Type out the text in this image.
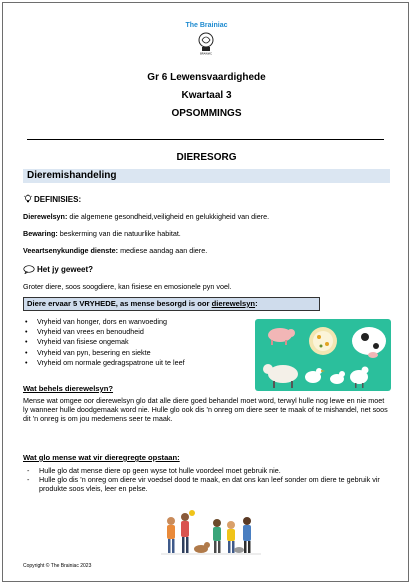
The Brainiac
BRAINIAC
Gr 6 Lewensvaardighede
Kwartaal 3
OPSOMMINGS
DIERESORG
Dieremishandeling
DEFINISIES:
Dierewelsyn: die algemene gesondheid,veiligheid en gelukkigheid van diere.
Bewaring: beskerming van die natuurlike habitat.
Veeartsenykundige dienste: mediese aandag aan diere.
Het jy geweet?
Groter diere, soos soogdiere, kan fisiese en emosionele pyn voel.
Diere ervaar 5 VRYHEDE, as mense besorgd is oor dierewelsyn:
• Vryheid van honger, dors en wanvoeding
• Vryheid van vrees en benoudheid
• Vryheid van fisiese ongemak
• Vryheid van pyn, besering en siekte
• Vryheid om normale gedragspatrone uit te leef
Wat behels dierewelsyn?
Mense wat omgee oor dierewelsyn glo dat alle diere goed behandel moet word, terwyl hulle nog lewe en nie moet ly wanneer hulle doodgemaak word nie. Hulle glo ook dis ’n onreg om diere seer te maak of te mishandel, net soos dit ’n onreg is om jou medemens seer te maak.
Wat glo mense wat vir dieregregte opstaan:
- Hulle glo dat mense diere op geen wyse tot hulle voordeel moet gebruik nie.
- Hulle glo dis ’n onreg om diere vir voedsel dood te maak, en dat ons kan leef sonder om diere te gebruik vir produkte soos vleis, leer en pelse.
Copyright © The Brainiac 2023
